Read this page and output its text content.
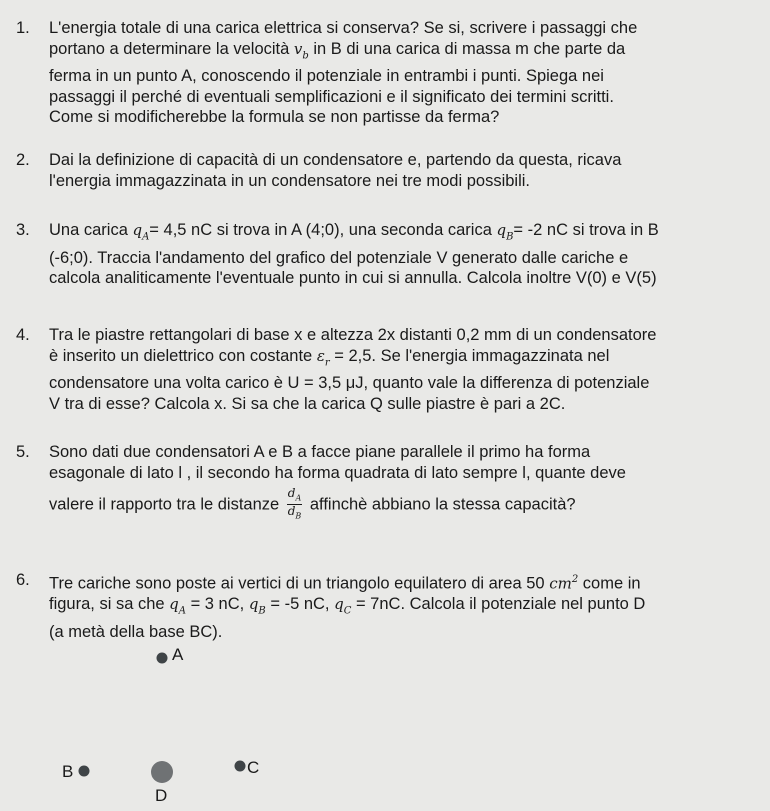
1.	L'energia totale di una carica elettrica si conserva? Se si, scrivere i passaggi che
portano a determinare la velocità $v_b$ in B di una carica di massa m che parte da
ferma in un punto A, conoscendo il potenziale in entrambi i punti. Spiega nei
passaggi il perché di eventuali semplificazioni e il significato dei termini scritti.
Come si modificherebbe la formula se non partisse da ferma?
2.	Dai la definizione di capacità di un condensatore e, partendo da questa, ricava
l'energia immagazzinata in un condensatore nei tre modi possibili.
3.	Una carica $q_A= 4,5$ nC si trova in A (4;0), una seconda carica $q_B= -2$ nC si trova in B
(-6;0). Traccia l'andamento del grafico del potenziale V generato dalle cariche e
calcola analiticamente l'eventuale punto in cui si annulla. Calcola inoltre V(0) e V(5)
4.	Tra le piastre rettangolari di base x e altezza 2x distanti 0,2 mm di un condensatore
è inserito un dielettrico con costante $\varepsilon_r = 2,5$. Se l'energia immagazzinata nel
condensatore una volta carico è U = 3,5 μJ, quanto vale la differenza di potenziale
V tra di esse? Calcola x. Si sa che la carica Q sulle piastre è pari a 2C.
5.	Sono dati due condensatori A e B a facce piane parallele il primo ha forma
esagonale di lato l , il secondo ha forma quadrata di lato sempre l, quante deve
valere il rapporto tra le distanze $\frac{d_A}{d_B}$ affinchè abbiano la stessa capacità?
6.	Tre cariche sono poste ai vertici di un triangolo equilatero di area 50 $cm^2$ come in
figura, si sa che $q_A = 3$ nC, $q_B = -5$ nC, $q_C = 7nC$. Calcola il potenziale nel punto D
(a metà della base BC).
A
B	C
D
